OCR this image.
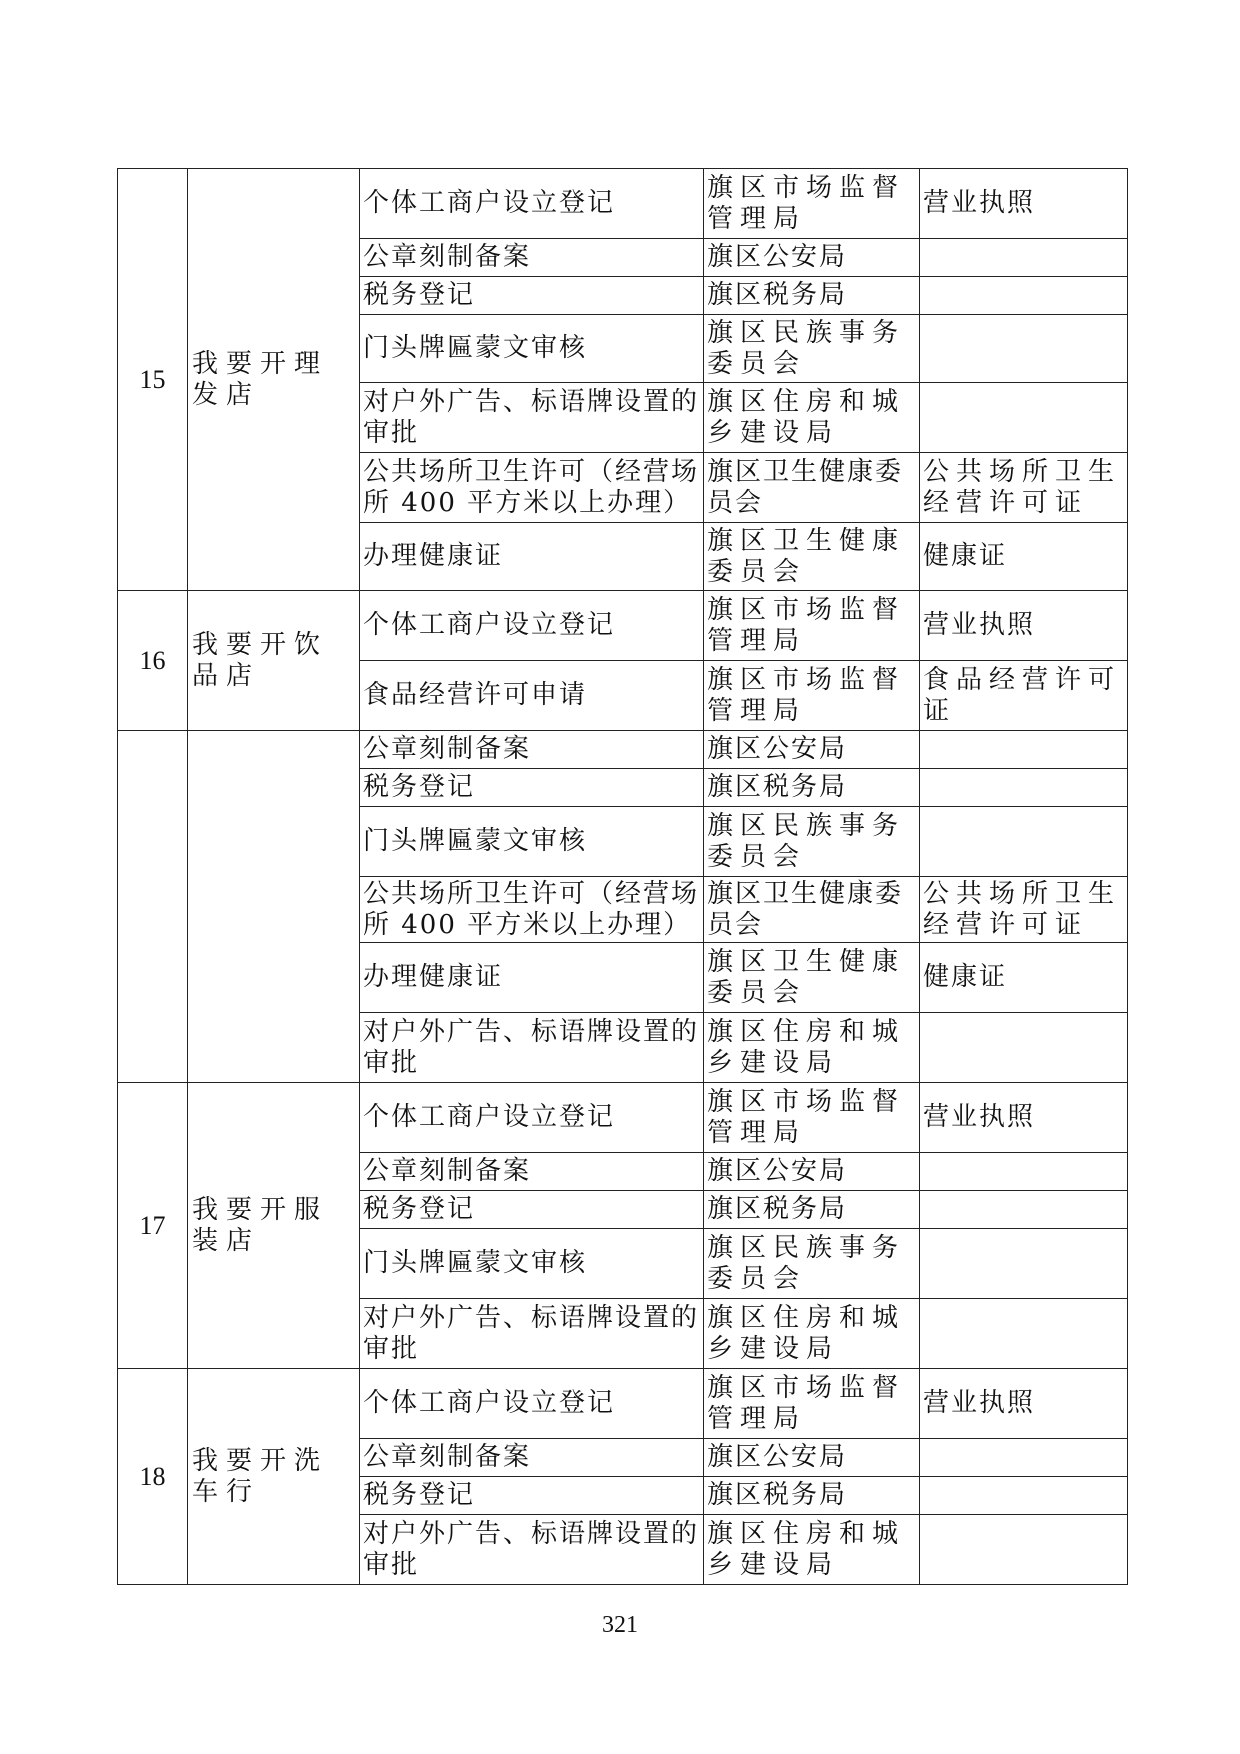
15	我要开理发店	个体工商户设立登记	旗区市场监督管理局	营业执照
		公章刻制备案	旗区公安局	
		税务登记	旗区税务局	
		门头牌匾蒙文审核	旗区民族事务委员会	
		对户外广告、标语牌设置的审批	旗区住房和城乡建设局	
		公共场所卫生许可（经营场所 400 平方米以上办理）	旗区卫生健康委员会	公共场所卫生经营许可证
		办理健康证	旗区卫生健康委员会	健康证
16	我要开饮品店	个体工商户设立登记	旗区市场监督管理局	营业执照
		食品经营许可申请	旗区市场监督管理局	食品经营许可证
		公章刻制备案	旗区公安局	
		税务登记	旗区税务局	
		门头牌匾蒙文审核	旗区民族事务委员会	
		公共场所卫生许可（经营场所 400 平方米以上办理）	旗区卫生健康委员会	公共场所卫生经营许可证
		办理健康证	旗区卫生健康委员会	健康证
		对户外广告、标语牌设置的审批	旗区住房和城乡建设局	
17	我要开服装店	个体工商户设立登记	旗区市场监督管理局	营业执照
		公章刻制备案	旗区公安局	
		税务登记	旗区税务局	
		门头牌匾蒙文审核	旗区民族事务委员会	
		对户外广告、标语牌设置的审批	旗区住房和城乡建设局	
18	我要开洗车行	个体工商户设立登记	旗区市场监督管理局	营业执照
		公章刻制备案	旗区公安局	
		税务登记	旗区税务局	
		对户外广告、标语牌设置的审批	旗区住房和城乡建设局	
321
